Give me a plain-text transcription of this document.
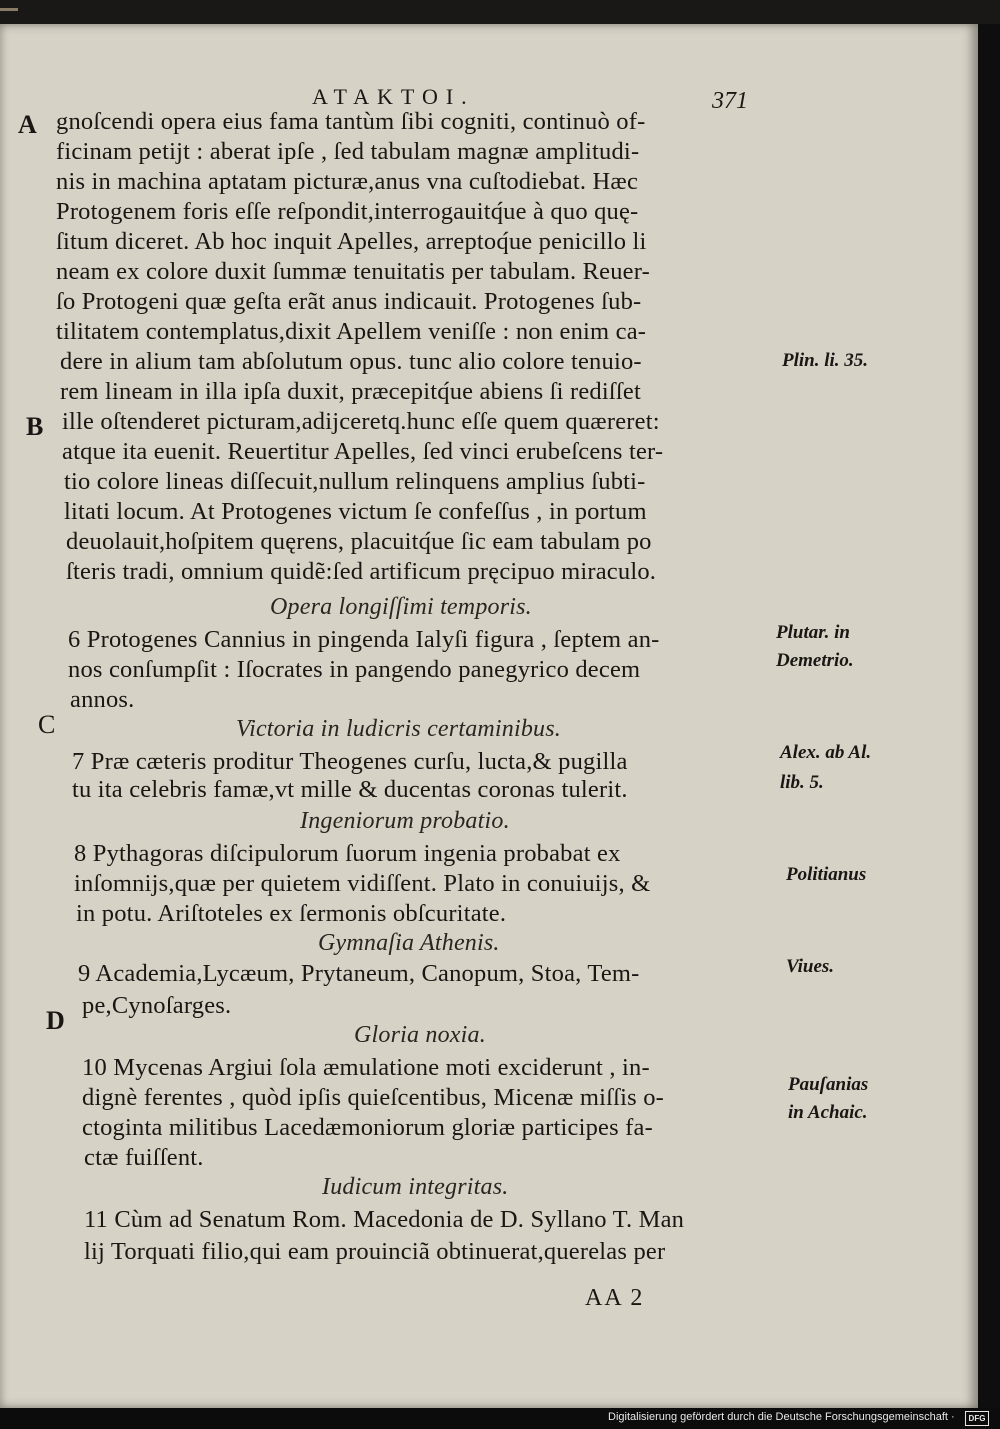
ATAKTOI.	371
A
B
C
D
gnoſcendi opera eius fama tantùm ſibi cogniti, continuò of-
ficinam petijt : aberat ipſe , ſed tabulam magnæ amplitudi-
nis in machina aptatam picturæ,anus vna cuſtodiebat. Hæc
Protogenem foris eſſe reſpondit,interrogauitq́ue à quo quę-
ſitum diceret. Ab hoc inquit Apelles, arreptoq́ue penicillo li
neam ex colore duxit ſummæ tenuitatis per tabulam. Reuer-
ſo Protogeni quæ geſta erãt anus indicauit. Protogenes ſub-
tilitatem contemplatus,dixit Apellem veniſſe : non enim ca-
dere in alium tam abſolutum opus. tunc alio colore tenuio-
rem lineam in illa ipſa duxit, præcepitq́ue abiens ſi rediſſet
ille oſtenderet picturam,adijceretq.hunc eſſe quem quæreret:
atque ita euenit. Reuertitur Apelles, ſed vinci erubeſcens ter-
tio colore lineas diſſecuit,nullum relinquens amplius ſubti-
litati locum. At Protogenes victum ſe confeſſus , in portum
deuolauit,hoſpitem quęrens, placuitq́ue ſic eam tabulam po
ſteris tradi, omnium quidẽ:ſed artificum pręcipuo miraculo.
Opera longiſſimi temporis.
6 Protogenes Cannius in pingenda Ialyſi figura , ſeptem an-
nos conſumpſit : Iſocrates in pangendo panegyrico decem
annos.
Victoria in ludicris certaminibus.
7 Præ cæteris proditur Theogenes curſu, lucta,& pugilla
tu ita celebris famæ,vt mille & ducentas coronas tulerit.
Ingeniorum probatio.
8 Pythagoras diſcipulorum ſuorum ingenia probabat ex
inſomnijs,quæ per quietem vidiſſent. Plato in conuiuijs, &
in potu. Ariſtoteles ex ſermonis obſcuritate.
Gymnaſia Athenis.
9 Academia,Lycæum, Prytaneum, Canopum, Stoa, Tem-
pe,Cynoſarges.
Gloria noxia.
10 Mycenas Argiui ſola æmulatione moti exciderunt , in-
dignè ferentes , quòd ipſis quieſcentibus, Micenæ miſſis o-
ctoginta militibus Lacedæmoniorum gloriæ participes fa-
ctæ fuiſſent.
Iudicum integritas.
11 Cùm ad Senatum Rom. Macedonia de D. Syllano T. Man
lij Torquati filio,qui eam prouinciã obtinuerat,querelas per
Plin. li. 35.
Plutar. in
Demetrio.
Alex. ab Al.
lib. 5.
Politianus
Viues.
Pauſanias
in Achaic.
AA 2
Digitalisierung gefördert durch die Deutsche Forschungsgemeinschaft ·	DFG
